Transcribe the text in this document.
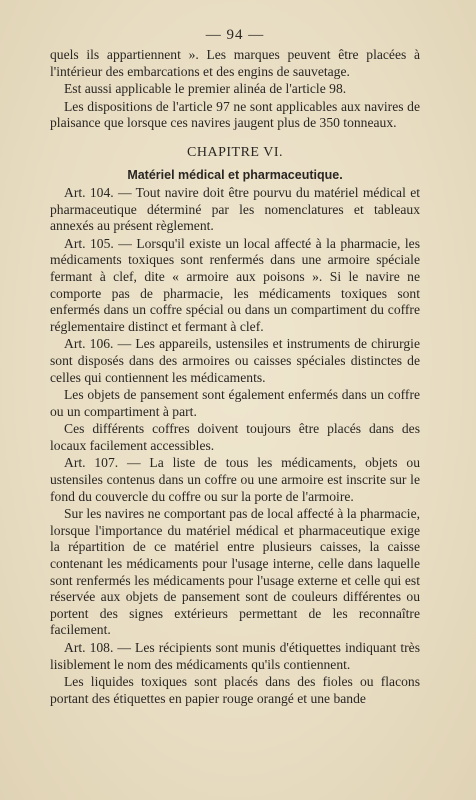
— 94 —

quels ils appartiennent ». Les marques peuvent être placées à l'intérieur des embarcations et des engins de sauvetage.

Est aussi applicable le premier alinéa de l'article 98.

Les dispositions de l'article 97 ne sont applicables aux navires de plaisance que lorsque ces navires jaugent plus de 350 tonneaux.

CHAPITRE VI.
Matériel médical et pharmaceutique.

Art. 104. — Tout navire doit être pourvu du matériel médical et pharmaceutique déterminé par les nomenclatures et tableaux annexés au présent règlement.

Art. 105. — Lorsqu'il existe un local affecté à la pharmacie, les médicaments toxiques sont renfermés dans une armoire spéciale fermant à clef, dite « armoire aux poisons ». Si le navire ne comporte pas de pharmacie, les médicaments toxiques sont enfermés dans un coffre spécial ou dans un compartiment du coffre réglementaire distinct et fermant à clef.

Art. 106. — Les appareils, ustensiles et instruments de chirurgie sont disposés dans des armoires ou caisses spéciales distinctes de celles qui contiennent les médicaments.

Les objets de pansement sont également enfermés dans un coffre ou un compartiment à part.

Ces différents coffres doivent toujours être placés dans des locaux facilement accessibles.

Art. 107. — La liste de tous les médicaments, objets ou ustensiles contenus dans un coffre ou une armoire est inscrite sur le fond du couvercle du coffre ou sur la porte de l'armoire.

Sur les navires ne comportant pas de local affecté à la pharmacie, lorsque l'importance du matériel médical et pharmaceutique exige la répartition de ce matériel entre plusieurs caisses, la caisse contenant les médicaments pour l'usage interne, celle dans laquelle sont renfermés les médicaments pour l'usage externe et celle qui est réservée aux objets de pansement sont de couleurs différentes ou portent des signes extérieurs permettant de les reconnaître facilement.

Art. 108. — Les récipients sont munis d'étiquettes indiquant très lisiblement le nom des médicaments qu'ils contiennent.

Les liquides toxiques sont placés dans des fioles ou flacons portant des étiquettes en papier rouge orangé et une bande
